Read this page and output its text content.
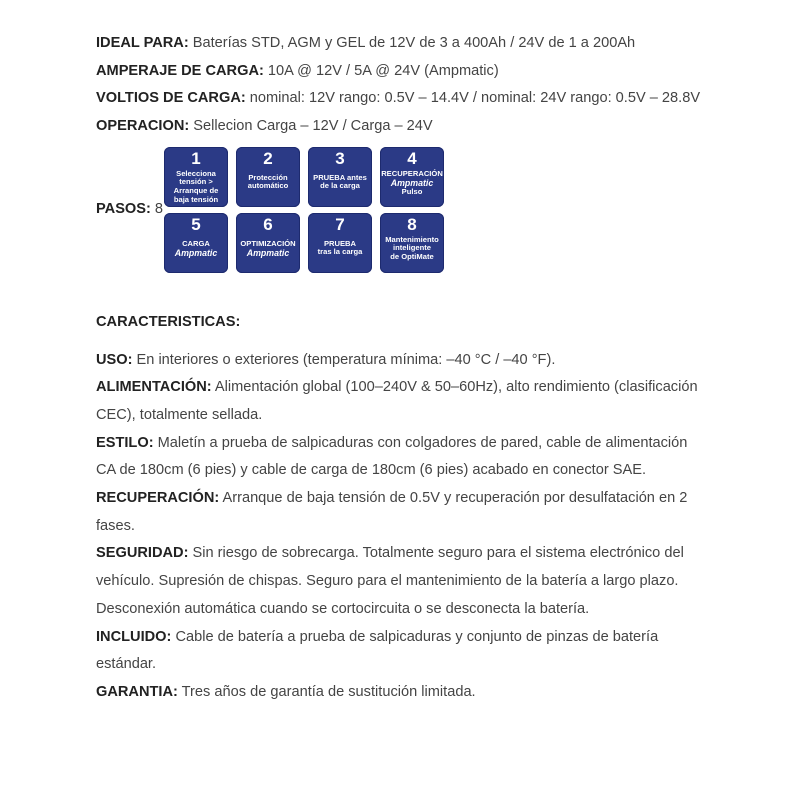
IDEAL PARA: Baterías STD, AGM y GEL de 12V de 3 a 400Ah / 24V de 1 a 200Ah

AMPERAJE DE CARGA: 10A @ 12V / 5A @ 24V (Ampmatic)

VOLTIOS DE CARGA: nominal: 12V rango: 0.5V – 14.4V / nominal: 24V rango: 0.5V – 28.8V

OPERACION: Sellecion Carga – 12V / Carga – 24V

PASOS: 8
1
Selecciona
tensión >
Arranque de
baja tensión
2
Protección
automático
3
PRUEBA antes
de la carga
4
RECUPERACIÓN
Ampmatic
Pulso
5
CARGA
Ampmatic
6
OPTIMIZACIÓN
Ampmatic
7
PRUEBA
tras la carga
8
Mantenimiento
inteligente
de OptiMate

CARACTERISTICAS:

USO: En interiores o exteriores (temperatura mínima: –40 °C / –40 °F).

ALIMENTACIÓN: Alimentación global (100–240V & 50–60Hz), alto rendimiento (clasificación CEC), totalmente sellada.

ESTILO: Maletín a prueba de salpicaduras con colgadores de pared, cable de alimentación CA de 180cm (6 pies) y cable de carga de 180cm (6 pies) acabado en conector SAE.

RECUPERACIÓN: Arranque de baja tensión de 0.5V y recuperación por desulfatación en 2 fases.

SEGURIDAD: Sin riesgo de sobrecarga. Totalmente seguro para el sistema electrónico del vehículo. Supresión de chispas. Seguro para el mantenimiento de la batería a largo plazo. Desconexión automática cuando se cortocircuita o se desconecta la batería.

INCLUIDO: Cable de batería a prueba de salpicaduras y conjunto de pinzas de batería estándar.

GARANTIA: Tres años de garantía de sustitución limitada.
